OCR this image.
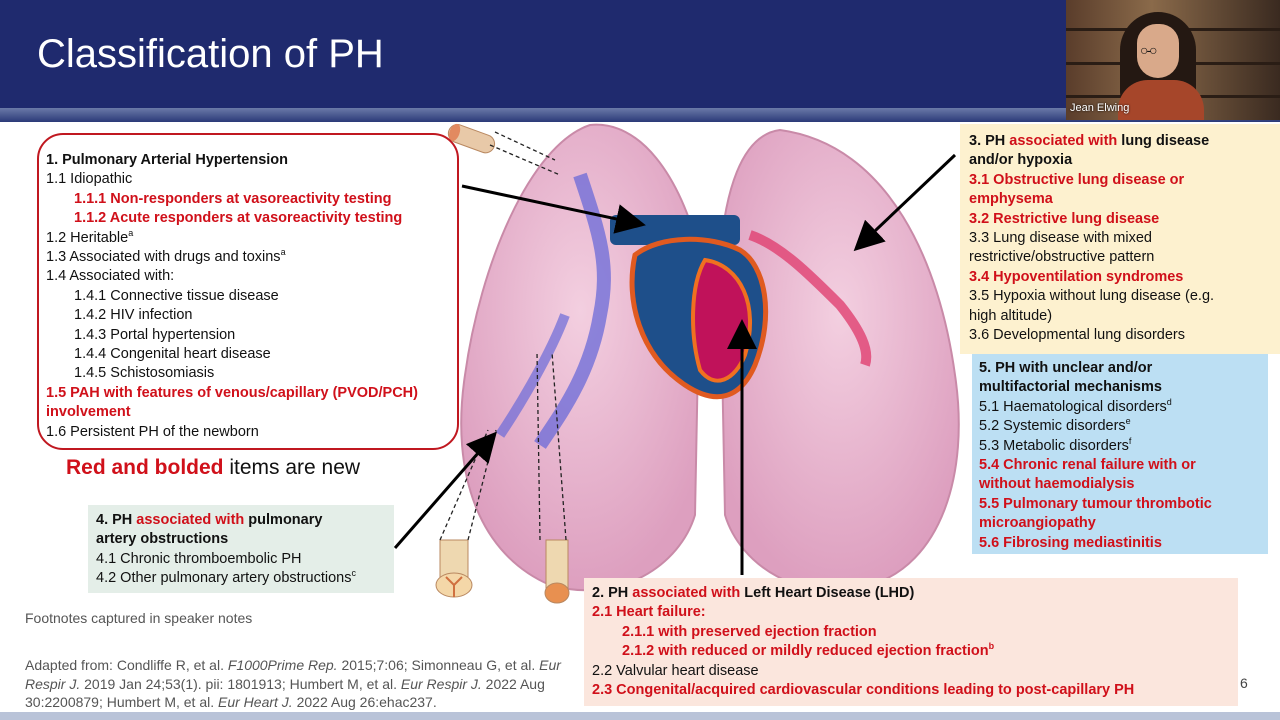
Classification of PH	○‑○
Jean Elwing
1. Pulmonary Arterial Hypertension
1.1 Idiopathic
1.1.1 Non-responders at vasoreactivity testing
1.1.2 Acute responders at vasoreactivity testing
1.2 Heritable$^a$
1.3 Associated with drugs and toxins$^a$
1.4 Associated with:
1.4.1 Connective tissue disease
1.4.2 HIV infection
1.4.3 Portal hypertension
1.4.4 Congenital heart disease
1.4.5 Schistosomiasis
1.5 PAH with features of venous/capillary (PVOD/PCH)
involvement
1.6 Persistent PH of the newborn
Red and bolded items are new
3. PH associated with lung disease
and/or hypoxia
3.1 Obstructive lung disease or
emphysema
3.2 Restrictive lung disease
3.3 Lung disease with mixed
restrictive/obstructive pattern
3.4 Hypoventilation syndromes
3.5 Hypoxia without lung disease (e.g.
high altitude)
3.6 Developmental lung disorders
5. PH with unclear and/or
multifactorial mechanisms
5.1 Haematological disorders$^d$
5.2 Systemic disorders$^e$
5.3 Metabolic disorders$^f$
5.4 Chronic renal failure with or
without haemodialysis
5.5 Pulmonary tumour thrombotic
microangiopathy
5.6 Fibrosing mediastinitis
4. PH associated with pulmonary
artery obstructions
4.1 Chronic thromboembolic PH
4.2 Other pulmonary artery obstructions$^c$
2. PH associated with Left Heart Disease (LHD)
2.1 Heart failure:
2.1.1 with preserved ejection fraction
2.1.2 with reduced or mildly reduced ejection fraction$^b$
2.2 Valvular heart disease
2.3 Congenital/acquired cardiovascular conditions leading to post-capillary PH
Footnotes captured in speaker notes
Adapted from: Condliffe R, et al. F1000Prime Rep. 2015;7:06; Simonneau G, et al. Eur Respir J. 2019 Jan 24;53(1). pii: 1801913; Humbert M, et al. Eur Respir J. 2022 Aug 30:2200879; Humbert M, et al. Eur Heart J. 2022 Aug 26:ehac237.
6
